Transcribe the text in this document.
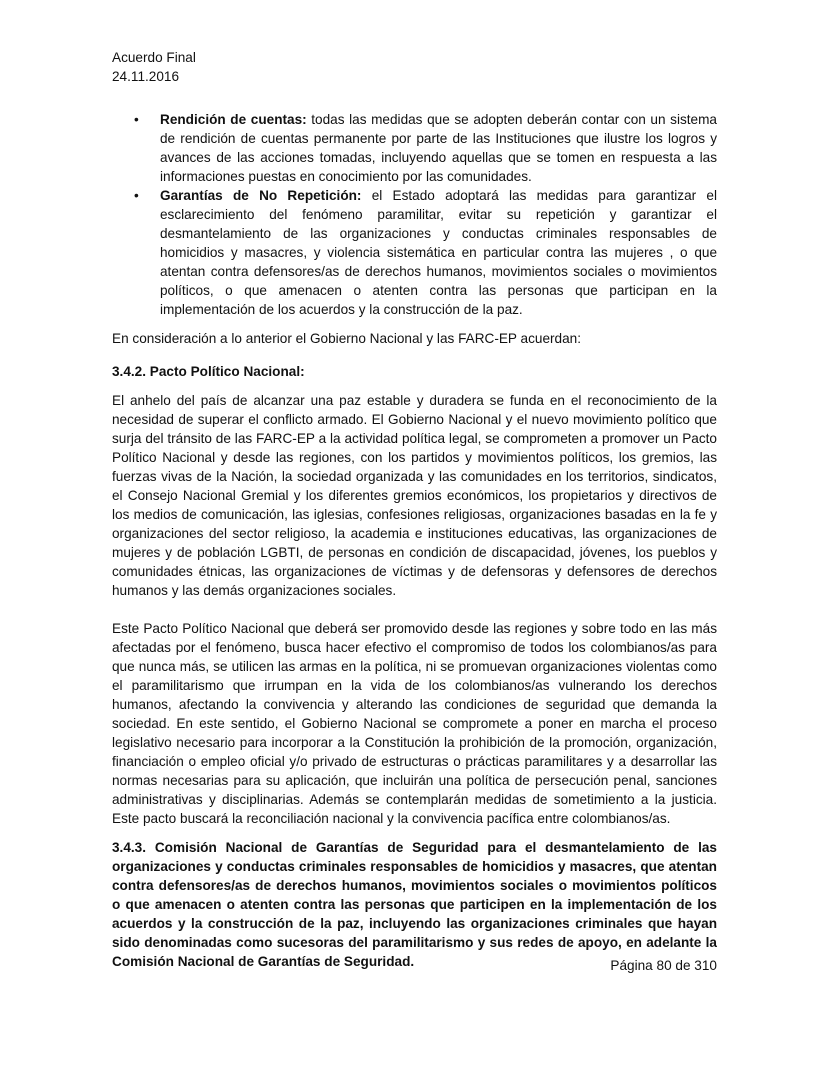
Acuerdo Final
24.11.2016
• Rendición de cuentas: todas las medidas que se adopten deberán contar con un sistema de rendición de cuentas permanente por parte de las Instituciones que ilustre los logros y avances de las acciones tomadas, incluyendo aquellas que se tomen en respuesta a las informaciones puestas en conocimiento por las comunidades.
• Garantías de No Repetición: el Estado adoptará las medidas para garantizar el esclarecimiento del fenómeno paramilitar, evitar su repetición y garantizar el desmantelamiento de las organizaciones y conductas criminales responsables de homicidios y masacres, y violencia sistemática en particular contra las mujeres , o que atentan contra defensores/as de derechos humanos, movimientos sociales o movimientos políticos, o que amenacen o atenten contra las personas que participan en la implementación de los acuerdos y la construcción de la paz.

En consideración a lo anterior el Gobierno Nacional y las FARC-EP acuerdan:

3.4.2. Pacto Político Nacional:

El anhelo del país de alcanzar una paz estable y duradera se funda en el reconocimiento de la necesidad de superar el conflicto armado. El Gobierno Nacional y el nuevo movimiento político que surja del tránsito de las FARC-EP a la actividad política legal, se comprometen a promover un Pacto Político Nacional y desde las regiones, con los partidos y movimientos políticos, los gremios, las fuerzas vivas de la Nación, la sociedad organizada y las comunidades en los territorios, sindicatos, el Consejo Nacional Gremial y los diferentes gremios económicos, los propietarios y directivos de los medios de comunicación, las iglesias, confesiones religiosas, organizaciones basadas en la fe y organizaciones del sector religioso, la academia e instituciones educativas, las organizaciones de mujeres y de población LGBTI, de personas en condición de discapacidad, jóvenes, los pueblos y comunidades étnicas, las organizaciones de víctimas y de defensoras y defensores de derechos humanos y las demás organizaciones sociales.

Este Pacto Político Nacional que deberá ser promovido desde las regiones y sobre todo en las más afectadas por el fenómeno, busca hacer efectivo el compromiso de todos los colombianos/as para que nunca más, se utilicen las armas en la política, ni se promuevan organizaciones violentas como el paramilitarismo que irrumpan en la vida de los colombianos/as vulnerando los derechos humanos, afectando la convivencia y alterando las condiciones de seguridad que demanda la sociedad. En este sentido, el Gobierno Nacional se compromete a poner en marcha el proceso legislativo necesario para incorporar a la Constitución la prohibición de la promoción, organización, financiación o empleo oficial y/o privado de estructuras o prácticas paramilitares y a desarrollar las normas necesarias para su aplicación, que incluirán una política de persecución penal, sanciones administrativas y disciplinarias. Además se contemplarán medidas de sometimiento a la justicia. Este pacto buscará la reconciliación nacional y la convivencia pacífica entre colombianos/as.

3.4.3. Comisión Nacional de Garantías de Seguridad para el desmantelamiento de las organizaciones y conductas criminales responsables de homicidios y masacres, que atentan contra defensores/as de derechos humanos, movimientos sociales o movimientos políticos o que amenacen o atenten contra las personas que participen en la implementación de los acuerdos y la construcción de la paz, incluyendo las organizaciones criminales que hayan sido denominadas como sucesoras del paramilitarismo y sus redes de apoyo, en adelante la Comisión Nacional de Garantías de Seguridad.	Página 80 de 310
